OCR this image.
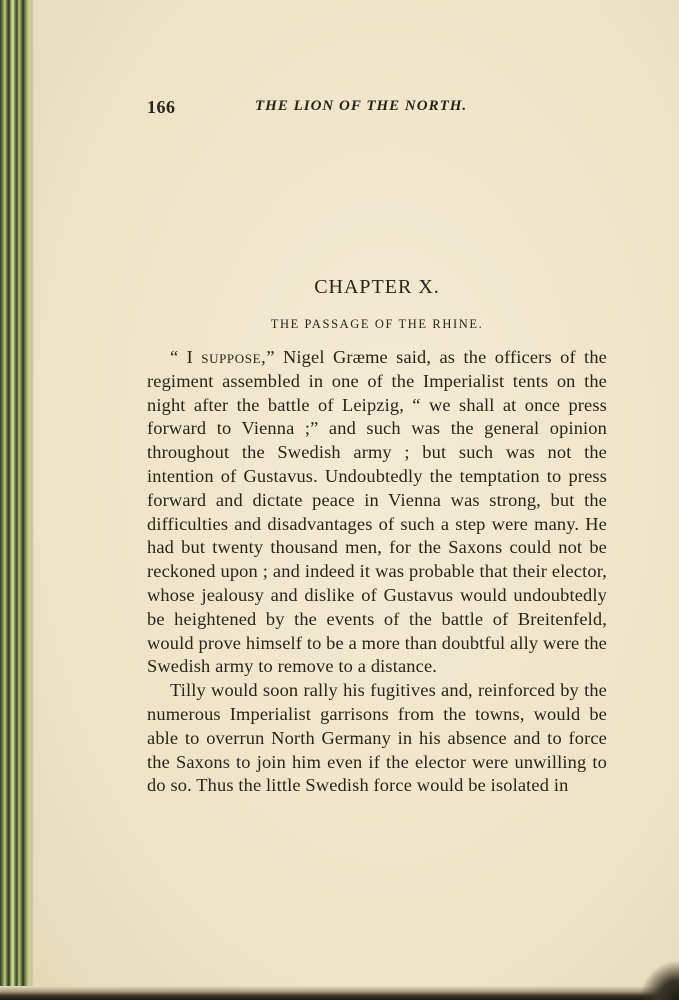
166	THE LION OF THE NORTH.
CHAPTER X.
THE PASSAGE OF THE RHINE.

“ I suppose,” Nigel Græme said, as the officers of the regiment assembled in one of the Imperialist tents on the night after the battle of Leipzig, “ we shall at once press forward to Vienna ;” and such was the general opinion throughout the Swedish army ; but such was not the intention of Gustavus. Undoubtedly the temptation to press forward and dictate peace in Vienna was strong, but the difficulties and disadvantages of such a step were many. He had but twenty thousand men, for the Saxons could not be reckoned upon ; and indeed it was probable that their elector, whose jealousy and dislike of Gustavus would undoubtedly be heightened by the events of the battle of Breitenfeld, would prove himself to be a more than doubtful ally were the Swedish army to remove to a distance.

Tilly would soon rally his fugitives and, reinforced by the numerous Imperialist garrisons from the towns, would be able to overrun North Germany in his absence and to force the Saxons to join him even if the elector were unwilling to do so. Thus the little Swedish force would be isolated in
